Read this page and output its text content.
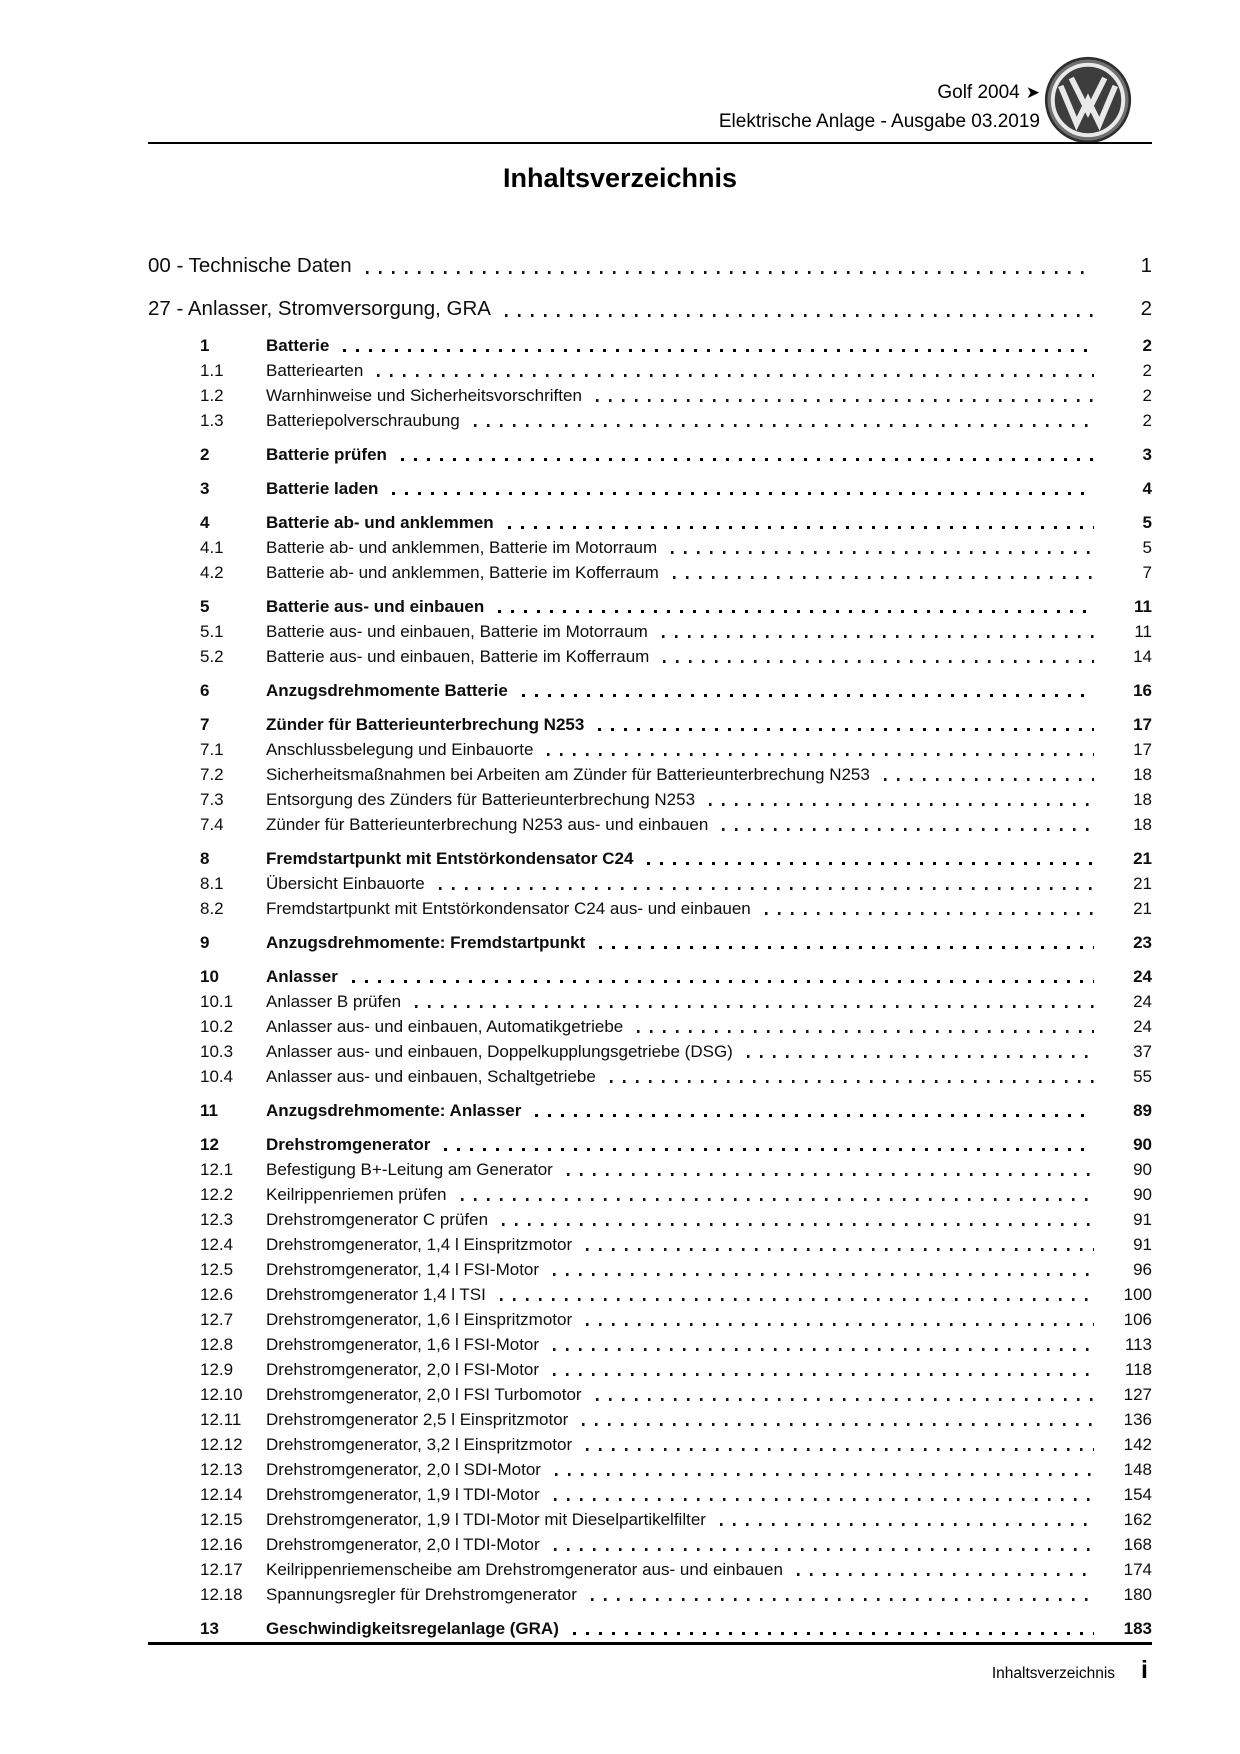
Golf 2004 ➤
Elektrische Anlage - Ausgabe 03.2019
Inhaltsverzeichnis
00 - Technische Daten	1
27 - Anlasser, Stromversorgung, GRA	2
1	Batterie	2
1.1	Batteriearten	2
1.2	Warnhinweise und Sicherheitsvorschriften	2
1.3	Batteriepolverschraubung	2
2	Batterie prüfen	3
3	Batterie laden	4
4	Batterie ab- und anklemmen	5
4.1	Batterie ab- und anklemmen, Batterie im Motorraum	5
4.2	Batterie ab- und anklemmen, Batterie im Kofferraum	7
5	Batterie aus- und einbauen	11
5.1	Batterie aus- und einbauen, Batterie im Motorraum	11
5.2	Batterie aus- und einbauen, Batterie im Kofferraum	14
6	Anzugsdrehmomente Batterie	16
7	Zünder für Batterieunterbrechung N253	17
7.1	Anschlussbelegung und Einbauorte	17
7.2	Sicherheitsmaßnahmen bei Arbeiten am Zünder für Batterieunterbrechung N253	18
7.3	Entsorgung des Zünders für Batterieunterbrechung N253	18
7.4	Zünder für Batterieunterbrechung N253 aus- und einbauen	18
8	Fremdstartpunkt mit Entstörkondensator C24	21
8.1	Übersicht Einbauorte	21
8.2	Fremdstartpunkt mit Entstörkondensator C24 aus- und einbauen	21
9	Anzugsdrehmomente: Fremdstartpunkt	23
10	Anlasser	24
10.1	Anlasser B prüfen	24
10.2	Anlasser aus- und einbauen, Automatikgetriebe	24
10.3	Anlasser aus- und einbauen, Doppelkupplungsgetriebe (DSG)	37
10.4	Anlasser aus- und einbauen, Schaltgetriebe	55
11	Anzugsdrehmomente: Anlasser	89
12	Drehstromgenerator	90
12.1	Befestigung B+-Leitung am Generator	90
12.2	Keilrippenriemen prüfen	90
12.3	Drehstromgenerator C prüfen	91
12.4	Drehstromgenerator, 1,4 l Einspritzmotor	91
12.5	Drehstromgenerator, 1,4 l FSI-Motor	96
12.6	Drehstromgenerator 1,4 l TSI	100
12.7	Drehstromgenerator, 1,6 l Einspritzmotor	106
12.8	Drehstromgenerator, 1,6 l FSI-Motor	113
12.9	Drehstromgenerator, 2,0 l FSI-Motor	118
12.10	Drehstromgenerator, 2,0 l FSI Turbomotor	127
12.11	Drehstromgenerator 2,5 l Einspritzmotor	136
12.12	Drehstromgenerator, 3,2 l Einspritzmotor	142
12.13	Drehstromgenerator, 2,0 l SDI-Motor	148
12.14	Drehstromgenerator, 1,9 l TDI-Motor	154
12.15	Drehstromgenerator, 1,9 l TDI-Motor mit Dieselpartikelfilter	162
12.16	Drehstromgenerator, 2,0 l TDI-Motor	168
12.17	Keilrippenriemenscheibe am Drehstromgenerator aus- und einbauen	174
12.18	Spannungsregler für Drehstromgenerator	180
13	Geschwindigkeitsregelanlage (GRA)	183
Inhaltsverzeichnis i
